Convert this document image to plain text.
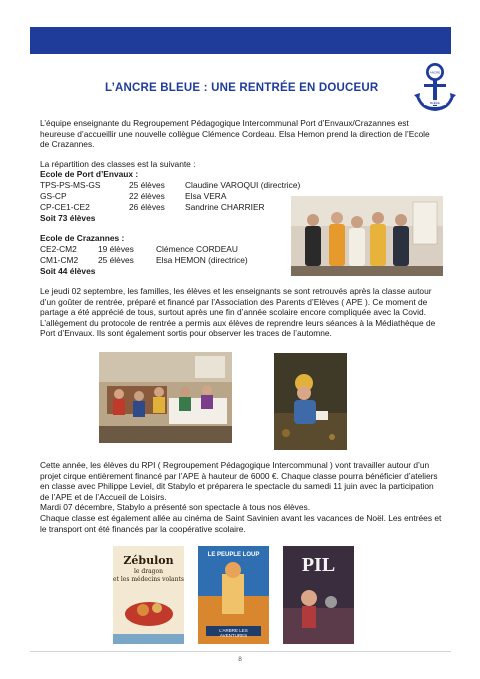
L’ANCRE BLEUE : UNE RENTRÉE EN DOUCEUR
ANCRE
BLEUE
L’équipe enseignante du Regroupement Pédagogique Intercommunal Port d’Envaux/Crazannes est heureuse d’accueillir une nouvelle collègue Clémence Cordeau. Elsa Hemon prend la direction de l’Ecole de Crazannes.
La répartition des classes est la suivante :
Ecole de Port d’Envaux :
TPS-PS-MS-GS	25 élèves Claudine VAROQUI (directrice)
GS-CP	22 élèves Elsa VERA
CP-CE1-CE2	26 élèves Sandrine CHARRIER
Soit 73 élèves
Ecole de Crazannes :
CE2-CM2	19 élèves	Clémence CORDEAU
CM1-CM2 25 élèves	Elsa HEMON (directrice)
Soit 44 élèves
Le jeudi 02 septembre, les familles, les élèves et les enseignants se sont retrouvés après la classe autour d’un goûter de rentrée, préparé et financé par l’Association des Parents d’Elèves ( APE ). Ce moment de partage a été apprécié de tous, surtout après une fin d’année scolaire encore compliquée avec la Covid. L’allègement du protocole de rentrée a permis aux élèves de reprendre leurs séances à la Médiathèque de Port d’Envaux. Ils sont également sortis pour observer les traces de l’automne.
Cette année, les élèves du RPI ( Regroupement Pédagogique Intercommunal ) vont travailler autour d’un projet cirque entièrement financé par l’APE à hauteur de 6000 €. Chaque classe pourra bénéficier d’ateliers en classe avec Philippe Leviel, dit Stabylo et préparera le spectacle du samedi 11 juin avec la participation de l’APE et de l’Accueil de Loisirs.
Mardi 07 décembre, Stabylo a présenté son spectacle à tous nos élèves.
Chaque classe est également allée au cinéma de Saint Savinien avant les vacances de Noël. Les entrées et le transport ont été financés par la coopérative scolaire.
Zébulon
le dragon
et les médecins volants
LE PEUPLE LOUP
L’ARBRE LES AVENTURES
PIL
8
